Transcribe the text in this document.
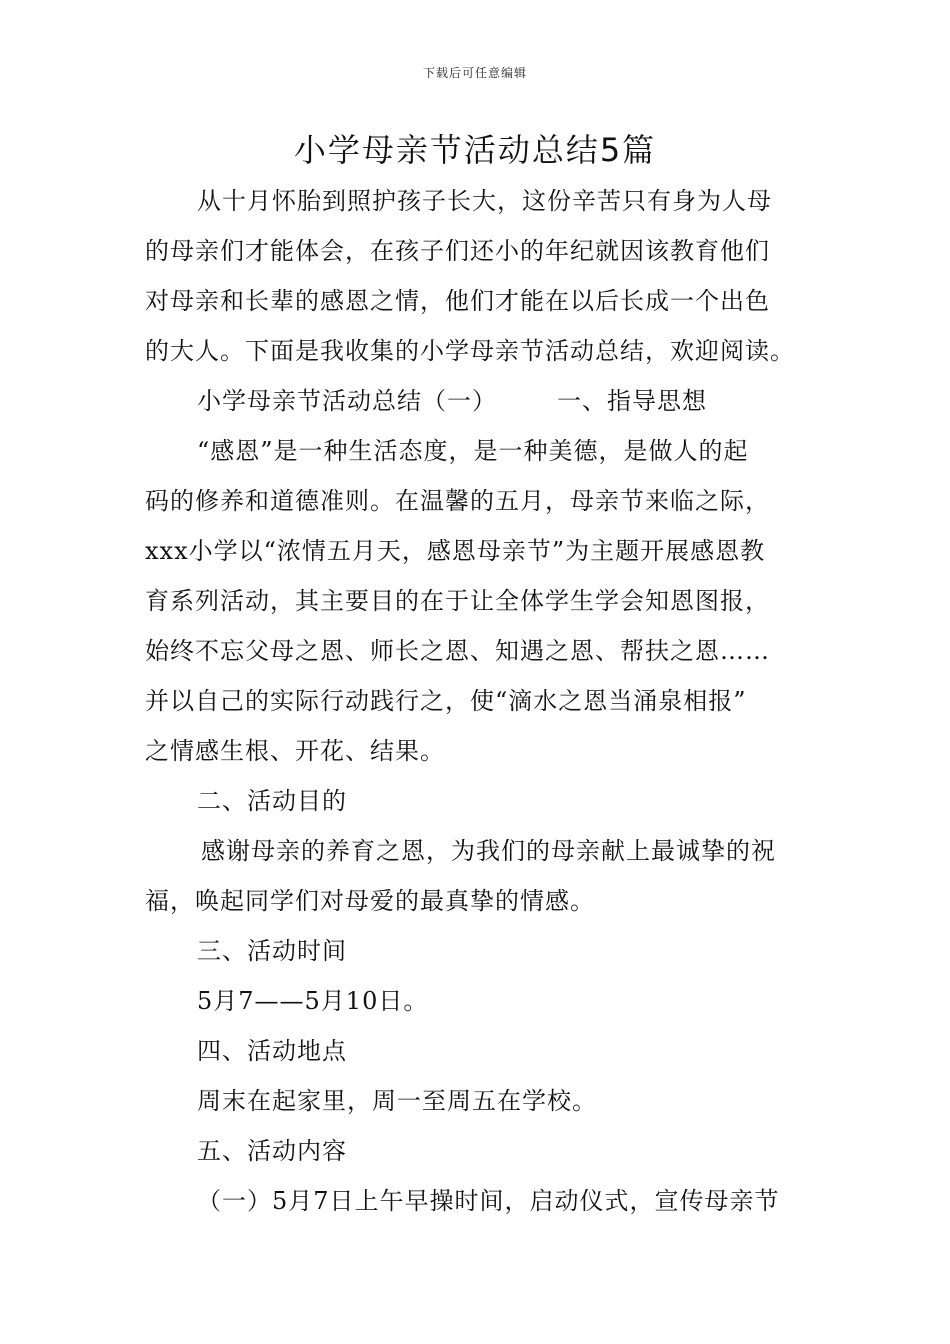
下载后可任意编辑
小学母亲节活动总结5篇
从十月怀胎到照护孩子长大，这份辛苦只有身为人母
的母亲们才能体会，在孩子们还小的年纪就因该教育他们
对母亲和长辈的感恩之情，他们才能在以后长成一个出色
的大人。下面是我收集的小学母亲节活动总结，欢迎阅读。
小学母亲节活动总结（一）	一、指导思想
“感恩”是一种生活态度，是一种美德，是做人的起
码的修养和道德准则。在温馨的五月，母亲节来临之际，
xxx小学以“浓情五月天，感恩母亲节”为主题开展感恩教
育系列活动，其主要目的在于让全体学生学会知恩图报，
始终不忘父母之恩、师长之恩、知遇之恩、帮扶之恩……
并以自己的实际行动践行之，使“滴水之恩当涌泉相报”
之情感生根、开花、结果。
二、活动目的
感谢母亲的养育之恩，为我们的母亲献上最诚挚的祝
福，唤起同学们对母爱的最真挚的情感。
三、活动时间
5月7——5月10日。
四、活动地点
周末在起家里，周一至周五在学校。
五、活动内容
（一）5月7日上午早操时间，启动仪式，宣传母亲节
